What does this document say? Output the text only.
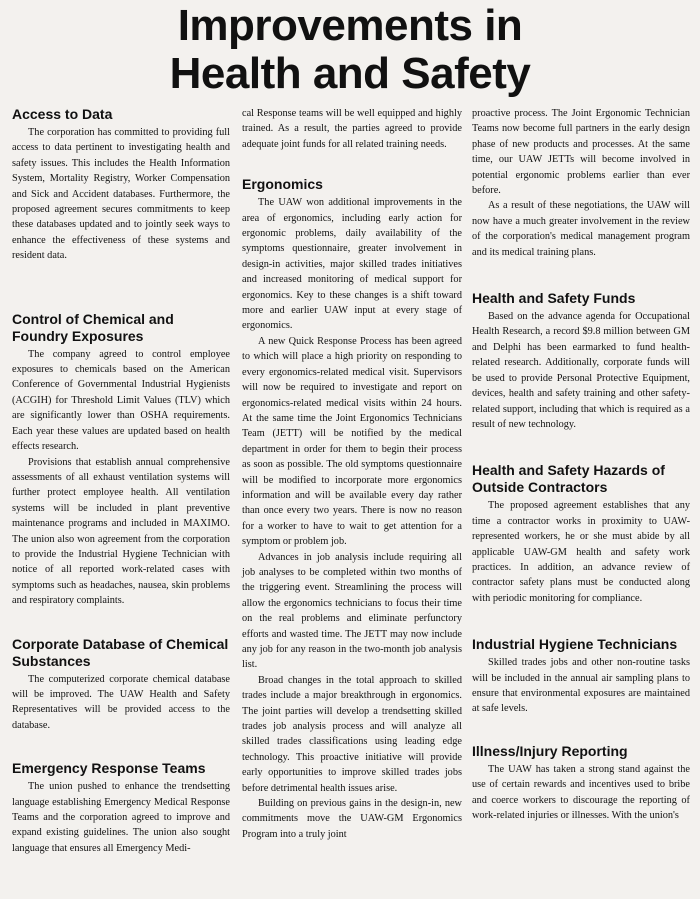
Improvements in
Health and Safety
Access to Data

The corporation has committed to providing full access to data pertinent to investigating health and safety issues. This includes the Health Information System, Mortality Registry, Worker Compensation and Sick and Accident databases. Furthermore, the proposed agreement secures commitments to keep these databases updated and to jointly seek ways to enhance the effectiveness of these systems and resident data.

Control of Chemical and Foundry Exposures

The company agreed to control employee exposures to chemicals based on the American Conference of Governmental Industrial Hygienists (ACGIH) for Threshold Limit Values (TLV) which are significantly lower than OSHA requirements. Each year these values are updated based on health effects research.

Provisions that establish annual comprehensive assessments of all exhaust ventilation systems will further protect employee health. All ventilation systems will be included in plant preventive maintenance programs and included in MAXIMO. The union also won agreement from the corporation to provide the Industrial Hygiene Technician with notice of all reported work-related cases with symptoms such as headaches, nausea, skin problems and respiratory complaints.

Corporate Database of Chemical Substances

The computerized corporate chemical database will be improved. The UAW Health and Safety Representatives will be provided access to the database.

Emergency Response Teams

The union pushed to enhance the trendsetting language establishing Emergency Medical Response Teams and the corporation agreed to improve and expand existing guidelines. The union also sought language that ensures all Emergency Medi-

cal Response teams will be well equipped and highly trained. As a result, the parties agreed to provide adequate joint funds for all related training needs.

Ergonomics

The UAW won additional improvements in the area of ergonomics, including early action for ergonomic problems, daily availability of the symptoms questionnaire, greater involvement in design-in activities, major skilled trades initiatives and increased monitoring of medical support for ergonomics. Key to these changes is a shift toward more and earlier UAW input at every stage of ergonomics.

A new Quick Response Process has been agreed to which will place a high priority on responding to every ergonomics-related medical visit. Supervisors will now be required to investigate and report on ergonomics-related medical visits within 24 hours. At the same time the Joint Ergonomics Technicians Team (JETT) will be notified by the medical department in order for them to begin their process as soon as possible. The old symptoms questionnaire will be modified to incorporate more ergonomics information and will be available every day rather than once every two years. There is now no reason for a worker to have to wait to get attention for a symptom or problem job.

Advances in job analysis include requiring all job analyses to be completed within two months of the triggering event. Streamlining the process will allow the ergonomics technicians to focus their time on the real problems and eliminate perfunctory efforts and wasted time. The JETT may now include any job for any reason in the two-month job analysis list.

Broad changes in the total approach to skilled trades include a major breakthrough in ergonomics. The joint parties will develop a trendsetting skilled trades job analysis process and will analyze all skilled trades classifications using leading edge technology. This proactive initiative will provide early opportunities to improve skilled trades jobs before detrimental health issues arise.

Building on previous gains in the design-in, new commitments move the UAW-GM Ergonomics Program into a truly joint

proactive process. The Joint Ergonomic Technician Teams now become full partners in the early design phase of new products and processes. At the same time, our UAW JETTs will become involved in potential ergonomic problems earlier than ever before.

As a result of these negotiations, the UAW will now have a much greater involvement in the review of the corporation's medical management program and its medical training plans.

Health and Safety Funds

Based on the advance agenda for Occupational Health Research, a record $9.8 million between GM and Delphi has been earmarked to fund health-related research. Additionally, corporate funds will be used to provide Personal Protective Equipment, devices, health and safety training and other safety-related support, including that which is required as a result of new technology.

Health and Safety Hazards of Outside Contractors

The proposed agreement establishes that any time a contractor works in proximity to UAW-represented workers, he or she must abide by all applicable UAW-GM health and safety work practices. In addition, an advance review of contractor safety plans must be conducted along with periodic monitoring for compliance.

Industrial Hygiene Technicians

Skilled trades jobs and other non-routine tasks will be included in the annual air sampling plans to ensure that environmental exposures are maintained at safe levels.

Illness/Injury Reporting

The UAW has taken a strong stand against the use of certain rewards and incentives used to bribe and coerce workers to discourage the reporting of work-related injuries or illnesses. With the union's
